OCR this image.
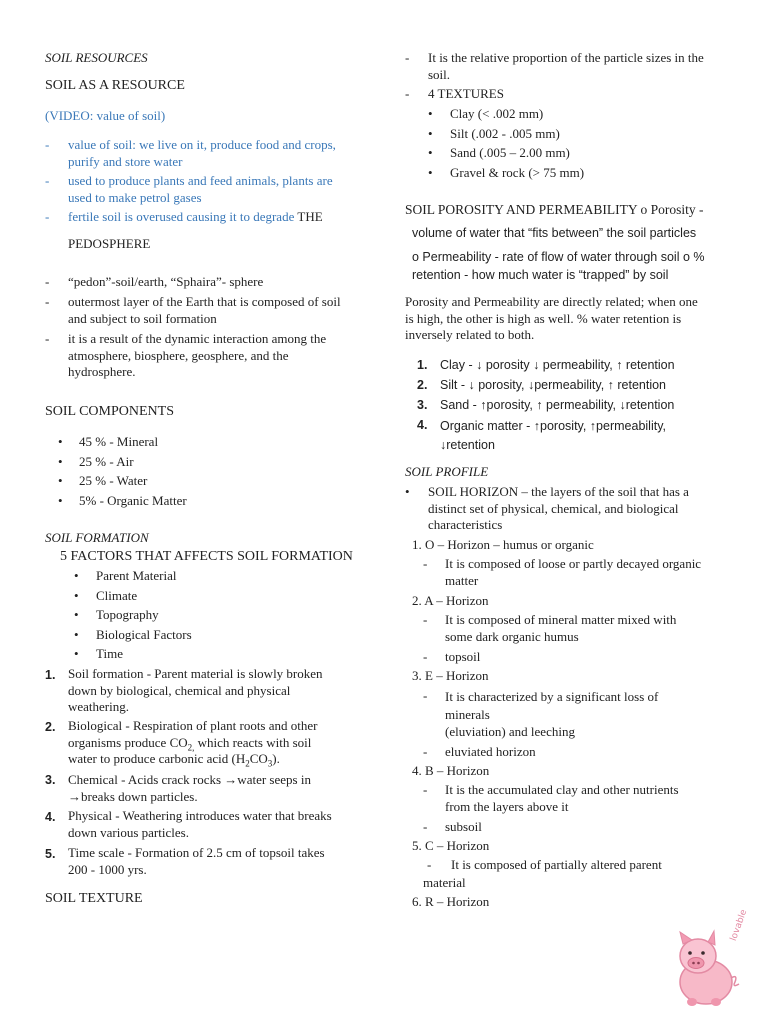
SOIL RESOURCES
SOIL AS A RESOURCE
(VIDEO: value of soil)
- value of soil: we live on it, produce food and crops,
purify and store water
- used to produce plants and feed animals, plants are
used to make petrol gases
- fertile soil is overused causing it to degrade THE
PEDOSPHERE
- “pedon”-soil/earth, “Sphaira”- sphere
- outermost layer of the Earth that is composed of soil
and subject to soil formation
- it is a result of the dynamic interaction among the
atmosphere, biosphere, geosphere, and the
hydrosphere.
SOIL COMPONENTS
• 45 % - Mineral
• 25 % - Air
• 25 % - Water
• 5% - Organic Matter
SOIL FORMATION
5 FACTORS THAT AFFECTS SOIL FORMATION
• Parent Material
• Climate
• Topography
• Biological Factors
• Time
1. Soil formation - Parent material is slowly broken
down by biological, chemical and physical
weathering.
2. Biological - Respiration of plant roots and other
organisms produce $CO_{2,}$ which reacts with soil
water to produce carbonic acid $(H_2CO_3)$.
3. Chemical - Acids crack rocks →water seeps in
→breaks down particles.
4. Physical - Weathering introduces water that breaks
down various particles.
5. Time scale - Formation of 2.5 cm of topsoil takes
200 - 1000 yrs.
SOIL TEXTURE
- It is the relative proportion of the particle sizes in the
soil.
- 4 TEXTURES
• Clay (< .002 mm)
• Silt (.002 - .005 mm)
• Sand (.005 – 2.00 mm)
• Gravel & rock (> 75 mm)
SOIL POROSITY AND PERMEABILITY o Porosity -
volume of water that “fits between” the soil particles
o Permeability - rate of flow of water through soil o %
retention - how much water is “trapped” by soil
Porosity and Permeability are directly related; when one
is high, the other is high as well. % water retention is
inversely related to both.
1. Clay - ↓ porosity ↓ permeability, ↑ retention
2. Silt - ↓ porosity, ↓permeability, ↑ retention
3. Sand - ↑porosity, ↑ permeability, ↓retention
4. Organic matter - ↑porosity, ↑permeability,
↓retention
SOIL PROFILE
• SOIL HORIZON – the layers of the soil that has a
distinct set of physical, chemical, and biological
characteristics
1. O – Horizon – humus or organic
- It is composed of loose or partly decayed organic
matter
2. A – Horizon
- It is composed of mineral matter mixed with
some dark organic humus
- topsoil
3. E – Horizon
- It is characterized by a significant loss of
minerals
(eluviation) and leeching
- eluviated horizon
4. B – Horizon
- It is the accumulated clay and other nutrients
from the layers above it
- subsoil
5. C – Horizon
- It is composed of partially altered parent
material
6. R – Horizon
lovable
